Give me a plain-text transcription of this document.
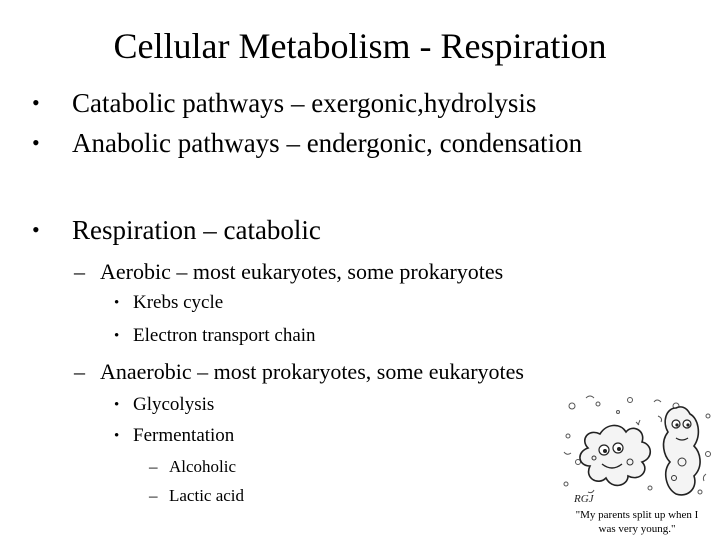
Cellular Metabolism - Respiration
• Catabolic pathways – exergonic,hydrolysis
• Anabolic pathways – endergonic, condensation
• Respiration – catabolic
– Aerobic – most eukaryotes, some prokaryotes
• Krebs cycle
• Electron transport chain
– Anaerobic – most prokaryotes, some eukaryotes
• Glycolysis
• Fermentation
– Alcoholic
– Lactic acid	RGJ
"My parents split up when I
was very young."
